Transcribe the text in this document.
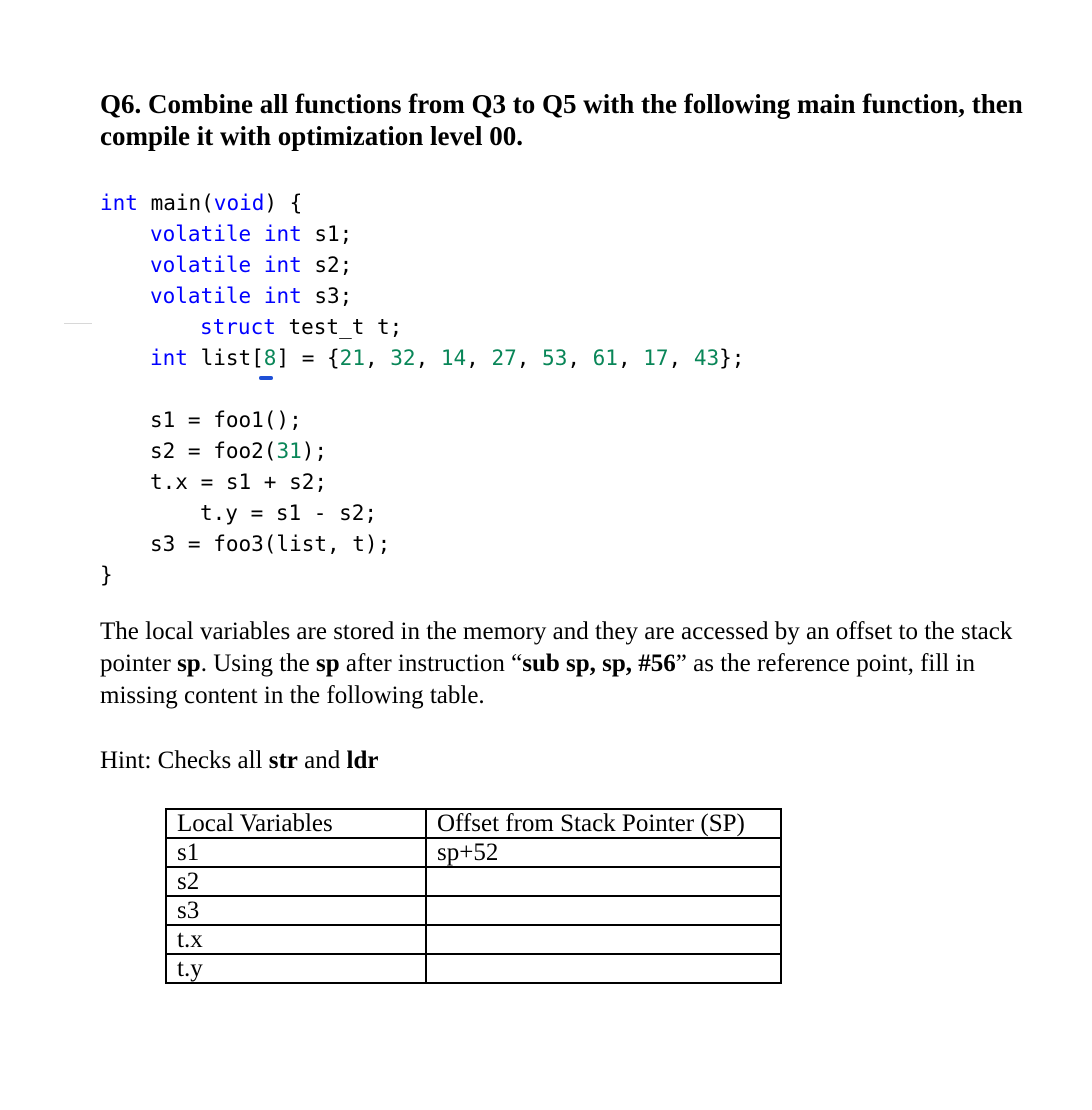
Q6. Combine all functions from Q3 to Q5 with the following main function, then
compile it with optimization level 00.
int main(void) {
volatile int s1;
volatile int s2;
volatile int s3;
struct test_t t;
int list[8] = {21, 32, 14, 27, 53, 61, 17, 43};
s1 = foo1();
s2 = foo2(31);
t.x = s1 + s2;
t.y = s1 - s2;
s3 = foo3(list, t);
}
The local variables are stored in the memory and they are accessed by an offset to the stack pointer sp. Using the sp after instruction “sub sp, sp, #56” as the reference point, fill in missing content in the following table.
Hint: Checks all str and ldr
Local Variables	Offset from Stack Pointer (SP)
s1	sp+52
s2	
s3	
t.x	
t.y	
